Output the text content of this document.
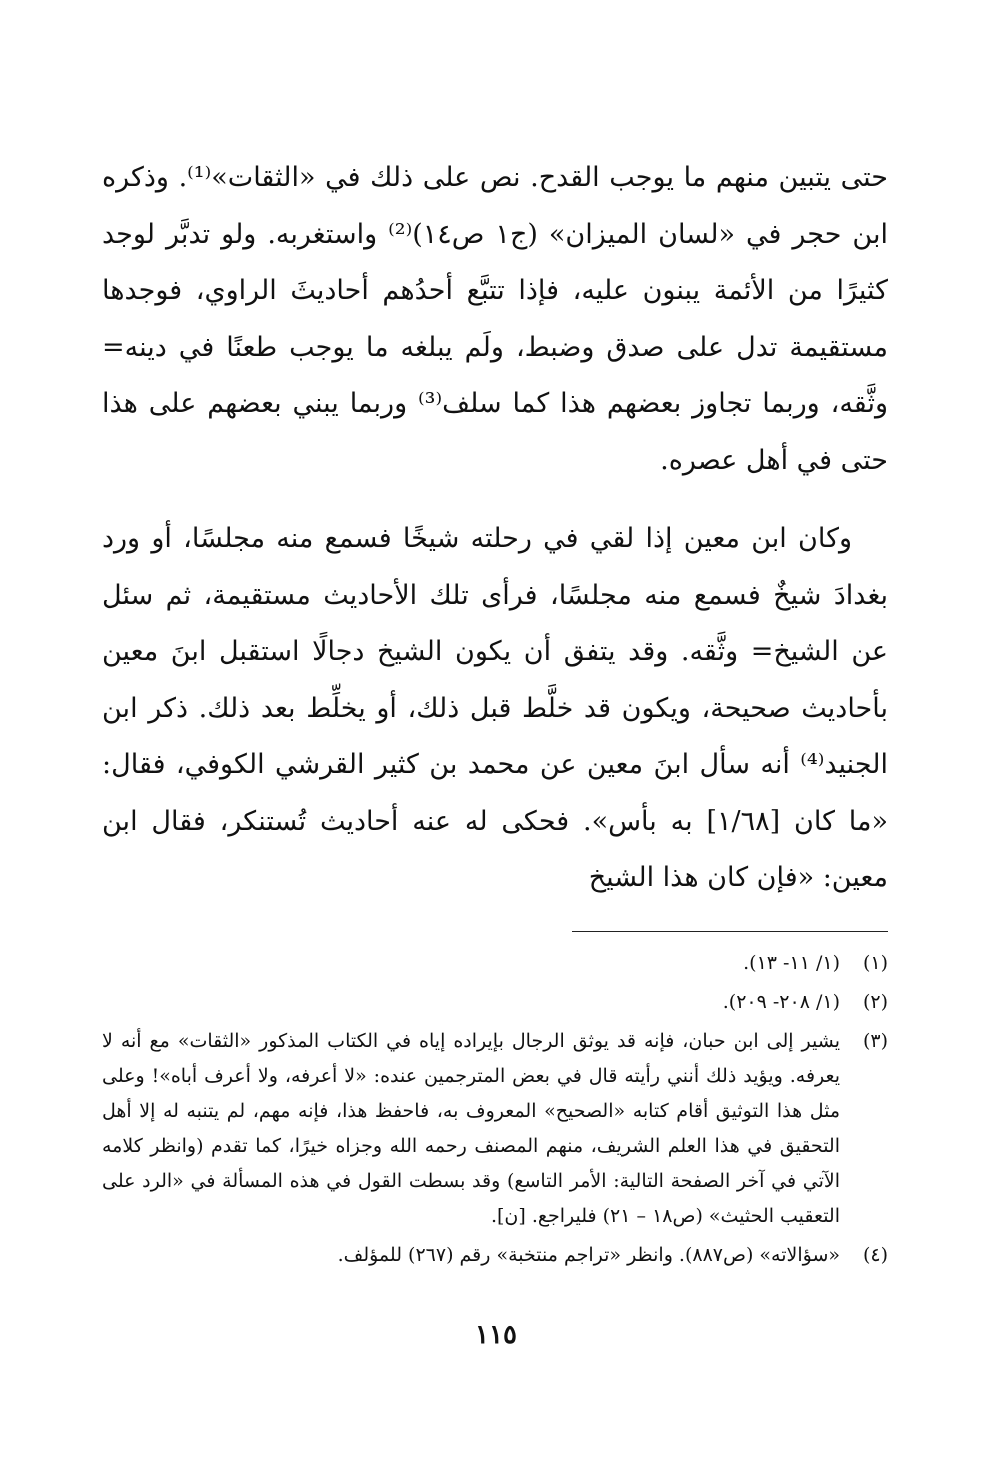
حتى يتبين منهم ما يوجب القدح. نص على ذلك في «الثقات»⁽¹⁾. وذكره ابن حجر في «لسان الميزان» (ج١ ص١٤)⁽²⁾ واستغربه. ولو تدبَّر لوجد كثيرًا من الأئمة يبنون عليه، فإذا تتبَّع أحدُهم أحاديثَ الراوي، فوجدها مستقيمة تدل على صدق وضبط، ولَم يبلغه ما يوجب طعنًا في دينه= وثَّقه، وربما تجاوز بعضهم هذا كما سلف⁽³⁾ وربما يبني بعضهم على هذا حتى في أهل عصره.

وكان ابن معين إذا لقي في رحلته شيخًا فسمع منه مجلسًا، أو ورد بغدادَ شيخٌ فسمع منه مجلسًا، فرأى تلك الأحاديث مستقيمة، ثم سئل عن الشيخ= وثَّقه. وقد يتفق أن يكون الشيخ دجالًا استقبل ابنَ معين بأحاديث صحيحة، ويكون قد خلَّط قبل ذلك، أو يخلِّط بعد ذلك. ذكر ابن الجنيد⁽⁴⁾ أنه سأل ابنَ معين عن محمد بن كثير القرشي الكوفي، فقال: «ما كان [١/٦٨] به بأس». فحكى له عنه أحاديث تُستنكر، فقال ابن معين: «فإن كان هذا الشيخ

(١)
(١/ ١١- ١٣).
(٢)
(١/ ٢٠٨- ٢٠٩).
(٣)
يشير إلى ابن حبان، فإنه قد يوثق الرجال بإيراده إياه في الكتاب المذكور «الثقات» مع أنه لا يعرفه. ويؤيد ذلك أنني رأيته قال في بعض المترجمين عنده: «لا أعرفه، ولا أعرف أباه»! وعلى مثل هذا التوثيق أقام كتابه «الصحيح» المعروف به، فاحفظ هذا، فإنه مهم، لم يتنبه له إلا أهل التحقيق في هذا العلم الشريف، منهم المصنف رحمه الله وجزاه خيرًا، كما تقدم (وانظر كلامه الآتي في آخر الصفحة التالية: الأمر التاسع) وقد بسطت القول في هذه المسألة في «الرد على التعقيب الحثيث» (ص١٨ – ٢١) فليراجع. [ن].
(٤)
«سؤالاته» (ص٨٨٧). وانظر «تراجم منتخبة» رقم (٢٦٧) للمؤلف.
١١٥
